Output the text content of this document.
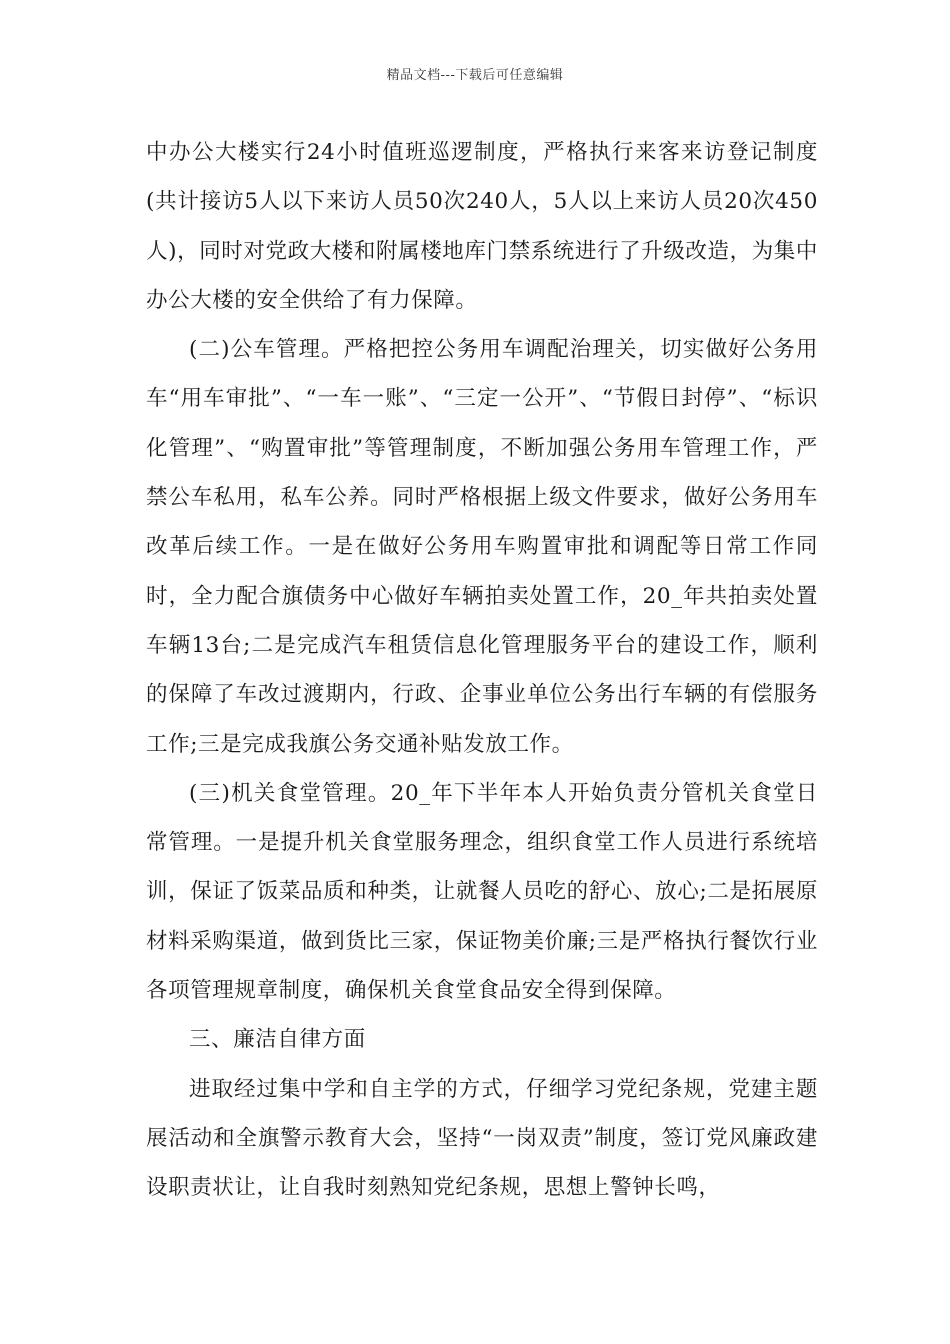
精品文档---下载后可任意编辑

中办公大楼实行24小时值班巡逻制度，严格执行来客来访登记制度(共计接访5人以下来访人员50次240人，5人以上来访人员20次450人)，同时对党政大楼和附属楼地库门禁系统进行了升级改造，为集中办公大楼的安全供给了有力保障。

(二)公车管理。严格把控公务用车调配治理关，切实做好公务用车“用车审批”、“一车一账”、“三定一公开”、“节假日封停”、“标识化管理”、“购置审批”等管理制度，不断加强公务用车管理工作，严禁公车私用，私车公养。同时严格根据上级文件要求，做好公务用车改革后续工作。一是在做好公务用车购置审批和调配等日常工作同时，全力配合旗债务中心做好车辆拍卖处置工作，20_年共拍卖处置车辆13台;二是完成汽车租赁信息化管理服务平台的建设工作，顺利的保障了车改过渡期内，行政、企事业单位公务出行车辆的有偿服务工作;三是完成我旗公务交通补贴发放工作。

(三)机关食堂管理。20_年下半年本人开始负责分管机关食堂日常管理。一是提升机关食堂服务理念，组织食堂工作人员进行系统培训，保证了饭菜品质和种类，让就餐人员吃的舒心、放心;二是拓展原材料采购渠道，做到货比三家，保证物美价廉;三是严格执行餐饮行业各项管理规章制度，确保机关食堂食品安全得到保障。

三、廉洁自律方面

进取经过集中学和自主学的方式，仔细学习党纪条规，党建主题展活动和全旗警示教育大会，坚持“一岗双责”制度，签订党风廉政建设职责状让，让自我时刻熟知党纪条规，思想上警钟长鸣，
